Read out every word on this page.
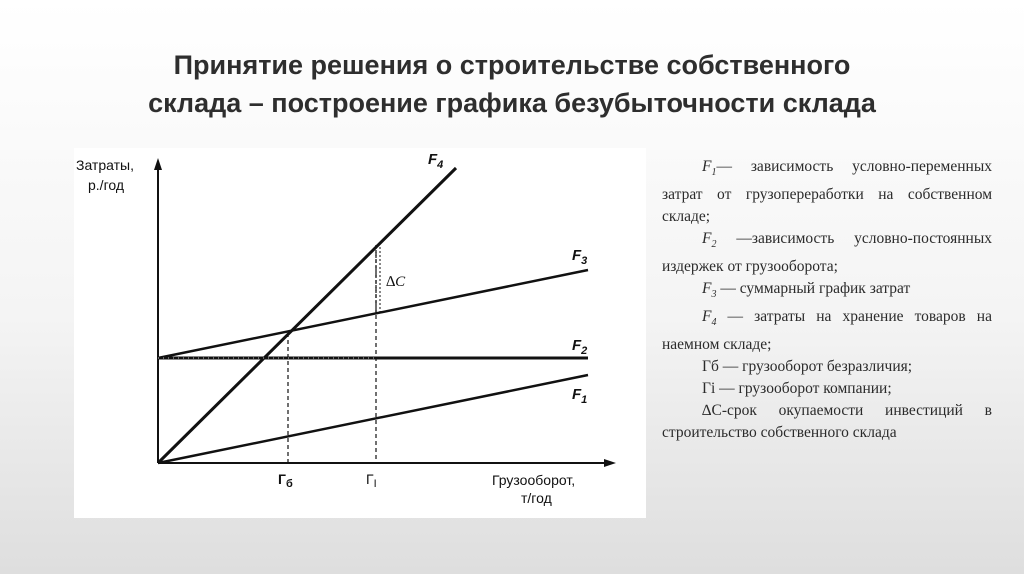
Принятие решения о строительстве собственного
склада – построение графика безубыточности склада
Затраты,
р./год
Грузооборот,
т/год
$F_4$
$F_3$
$F_2$
$F_1$
∆С
$Г_б$	$Г_I$

$F_1—$ зависимость условно-переменных затрат от грузопереработки на собственном складе;

$F_2$ —зависимость условно-постоянных издержек от грузооборота;

$F_3$ — суммарный график затрат

$F_4$ — затраты на хранение товаров на наемном складе;

Гб — грузооборот безразличия;

Гi — грузооборот компании;

∆С-срок окупаемости инвестиций в строительство собственного склада
